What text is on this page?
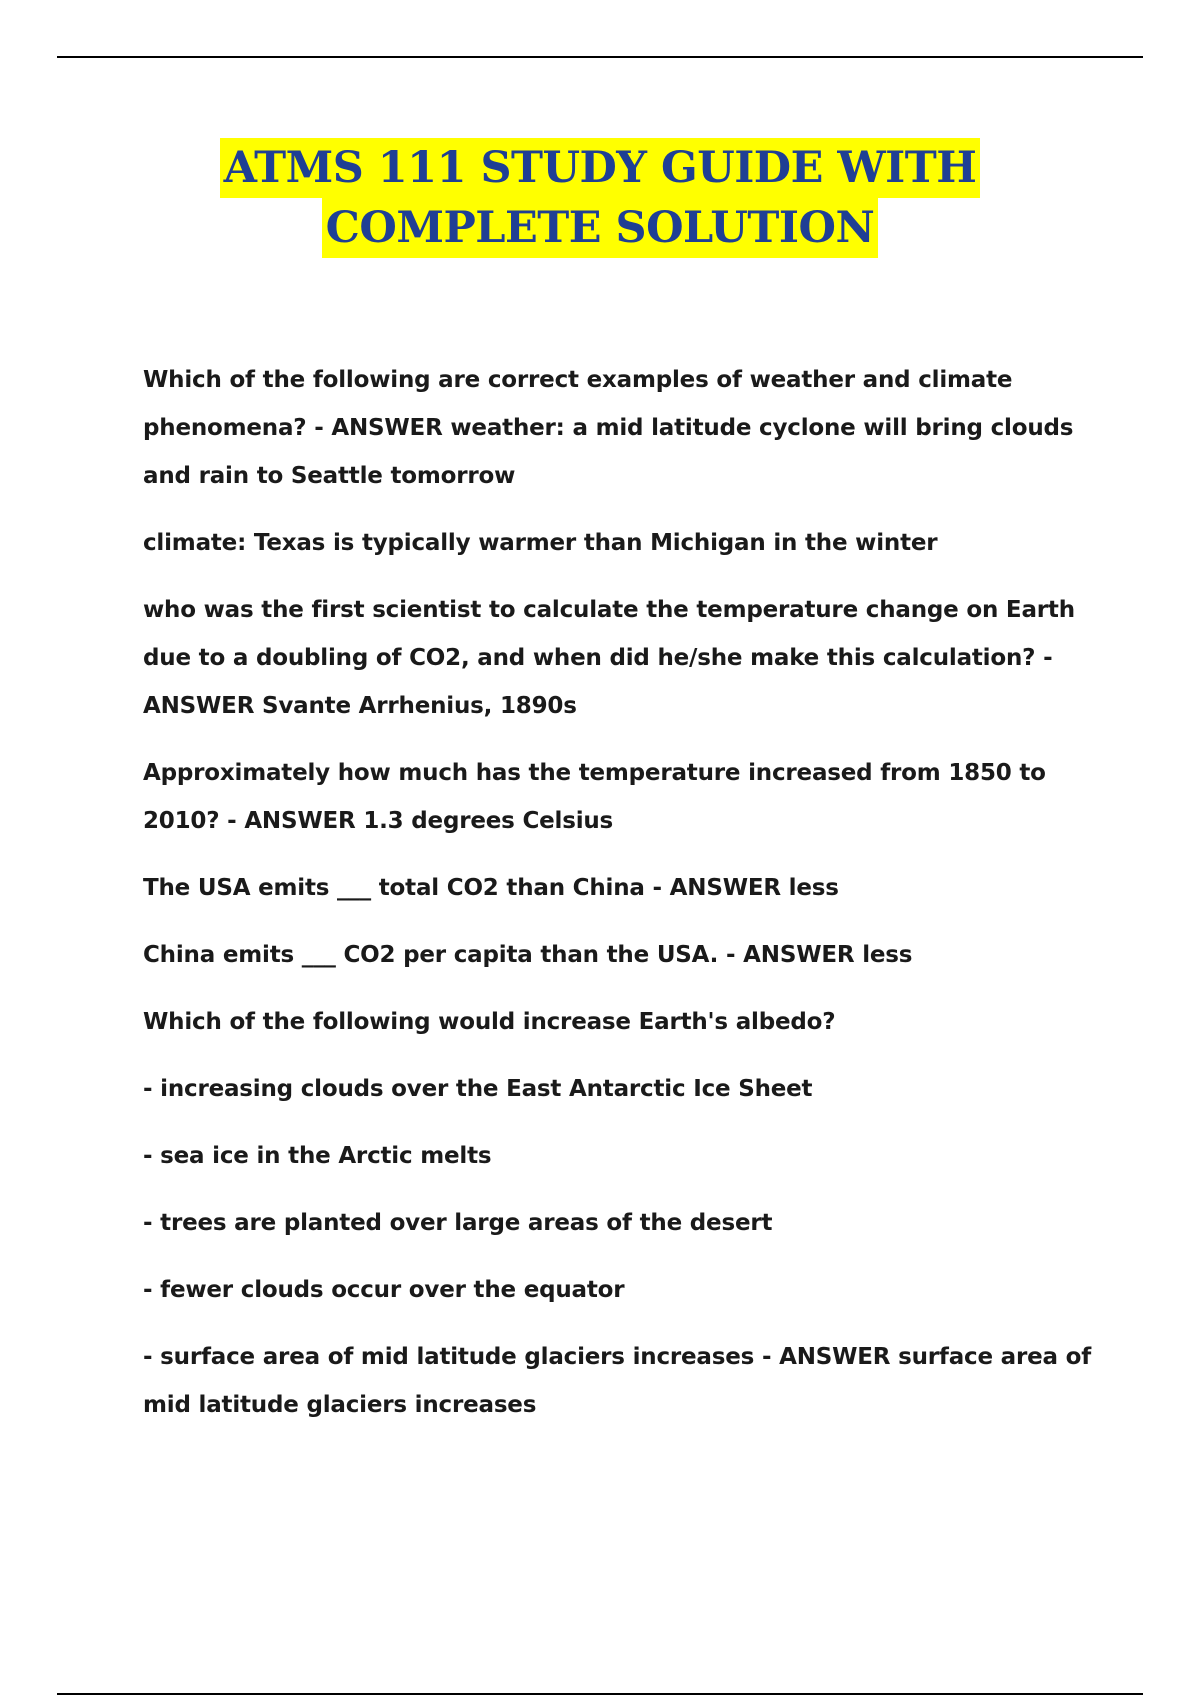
ATMS 111 STUDY GUIDE WITH
COMPLETE SOLUTION

Which of the following are correct examples of weather and climate phenomena? - ANSWER weather: a mid latitude cyclone will bring clouds and rain to Seattle tomorrow

climate: Texas is typically warmer than Michigan in the winter

who was the first scientist to calculate the temperature change on Earth due to a doubling of CO2, and when did he/she make this calculation? - ANSWER Svante Arrhenius, 1890s

Approximately how much has the temperature increased from 1850 to 2010? - ANSWER 1.3 degrees Celsius

The USA emits ___ total CO2 than China - ANSWER less

China emits ___ CO2 per capita than the USA. - ANSWER less

Which of the following would increase Earth's albedo?

- increasing clouds over the East Antarctic Ice Sheet

- sea ice in the Arctic melts

- trees are planted over large areas of the desert

- fewer clouds occur over the equator

- surface area of mid latitude glaciers increases - ANSWER surface area of mid latitude glaciers increases
